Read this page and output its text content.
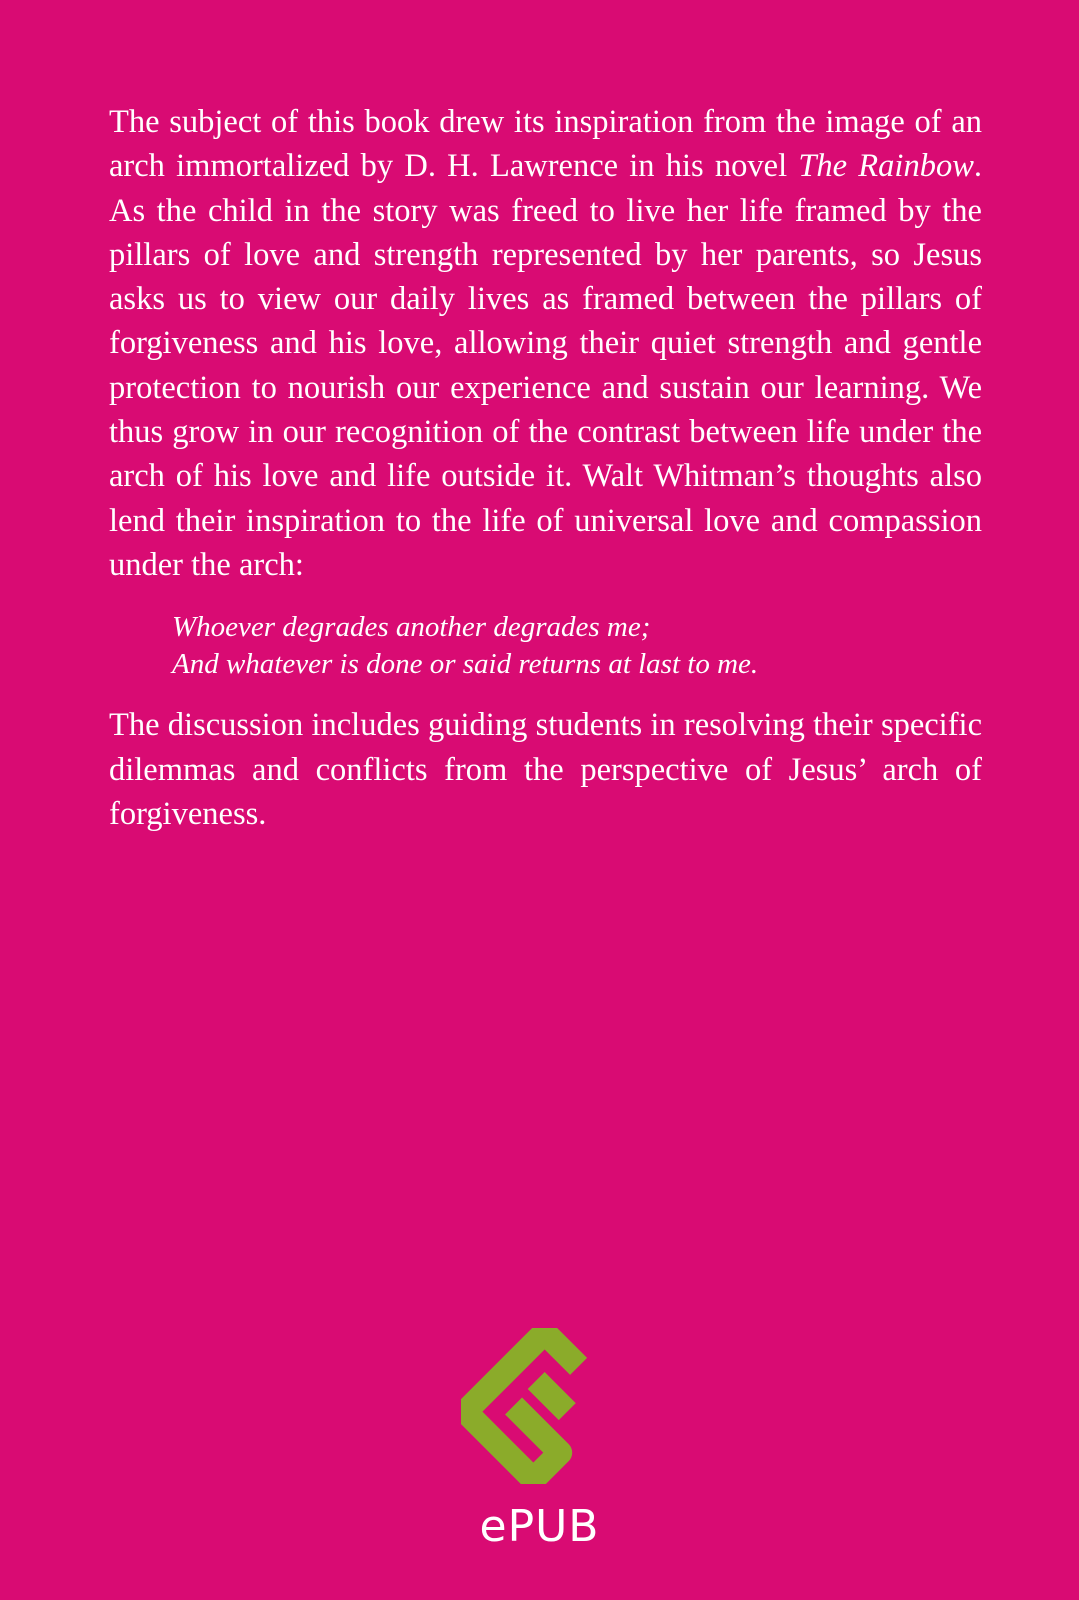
The subject of this book drew its inspiration from the image of an arch immortalized by D. H. Lawrence in his novel The Rainbow. As the child in the story was freed to live her life framed by the pillars of love and strength represented by her parents, so Jesus asks us to view our daily lives as framed between the pillars of forgiveness and his love, allowing their quiet strength and gentle protection to nourish our experience and sustain our learning. We thus grow in our recognition of the contrast between life under the arch of his love and life outside it. Walt Whitman’s thoughts also lend their inspiration to the life of universal love and compassion under the arch:

Whoever degrades another degrades me;
And whatever is done or said returns at last to me.

The discussion includes guiding students in resolving their specific dilemmas and conflicts from the perspective of Jesus’ arch of forgiveness.

ePUB
